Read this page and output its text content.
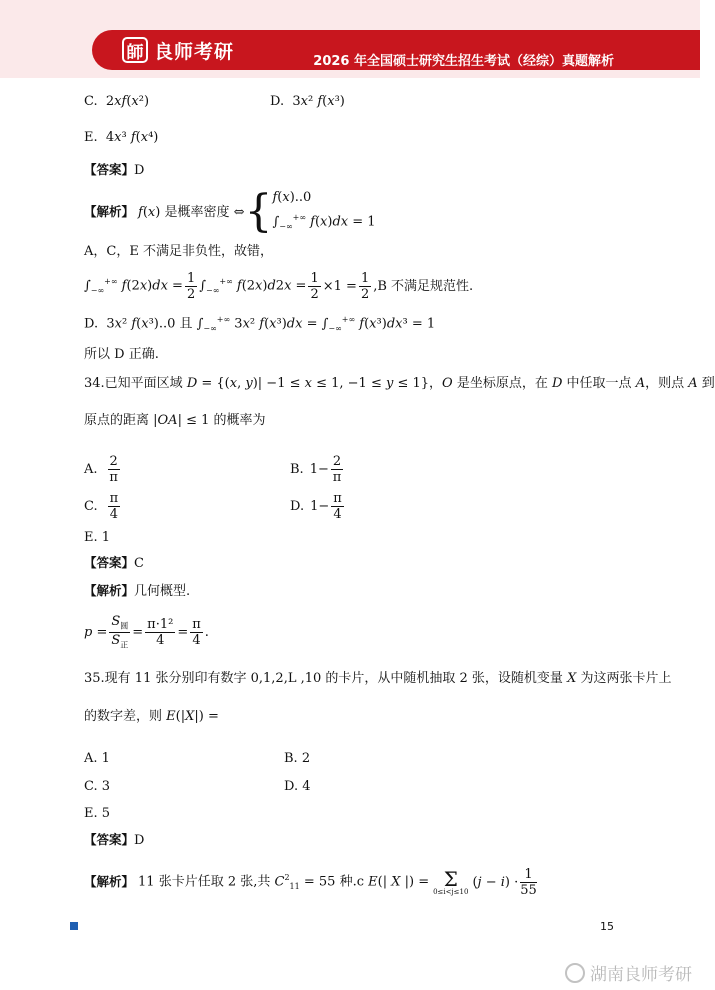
師 良师考研	2026 年全国硕士研究生招生考试（经综）真题解析
C.  2xf(x²)	D.  3x² f(x³)
E.  4x³ f(x⁴)
【答案】D
【解析】 f(x) 是概率密度 ⇔ { f(x)..0
$\int_{-\infty}^{+\infty}$ f(x)dx = 1
A，C，E 不满足非负性，故错，
$\int_{-\infty}^{+\infty}$ $f(2x)dx = \frac{1}{2} \int_{-\infty}^{+\infty}$ $f(2x)d2x = \frac{1}{2} \times 1 = \frac{1}{2}$ , B 不满足规范性.
D.  3x² f(x³)..0 且 $\int_{-\infty}^{+\infty}$ 3x² $f(x^3)dx = \int_{-\infty}^{+\infty}$ f(x³)dx³ = 1
所以 D 正确.
34.已知平面区域 D = {(x, y)| −1 ≤ x ≤ 1, −1 ≤ y ≤ 1}，O 是坐标原点，在 D 中任取一点 A，则点 A 到
原点的距离 |OA| ≤ 1 的概率为
A. $\frac{2}{\pi}$	B. $1- \frac{2}{\pi}$
C. $\frac{\pi}{4}$	D. $1- \frac{\pi}{4}$
E. 1
【答案】C
【解析】几何概型.
$p = \frac{S_圆}{S_正} = \frac{\text{π·1²}}{4} = \frac{\pi}{4}$ .
35.现有 11 张分别印有数字 0,1,2,L ,10 的卡片，从中随机抽取 2 张，设随机变量 X 为这两张卡片上
的数字差，则 E(|X|) =
A. 1	B. 2
C. 3	D. 4
E. 5
【答案】D
【解析】 11 张卡片任取 2 张,共 $C^2_{11} = 55$ 种.c E(| X |) = Σ
0≤i<j≤10
$(j - i) \cdot \frac{1}{55}$
15
湖南良师考研
